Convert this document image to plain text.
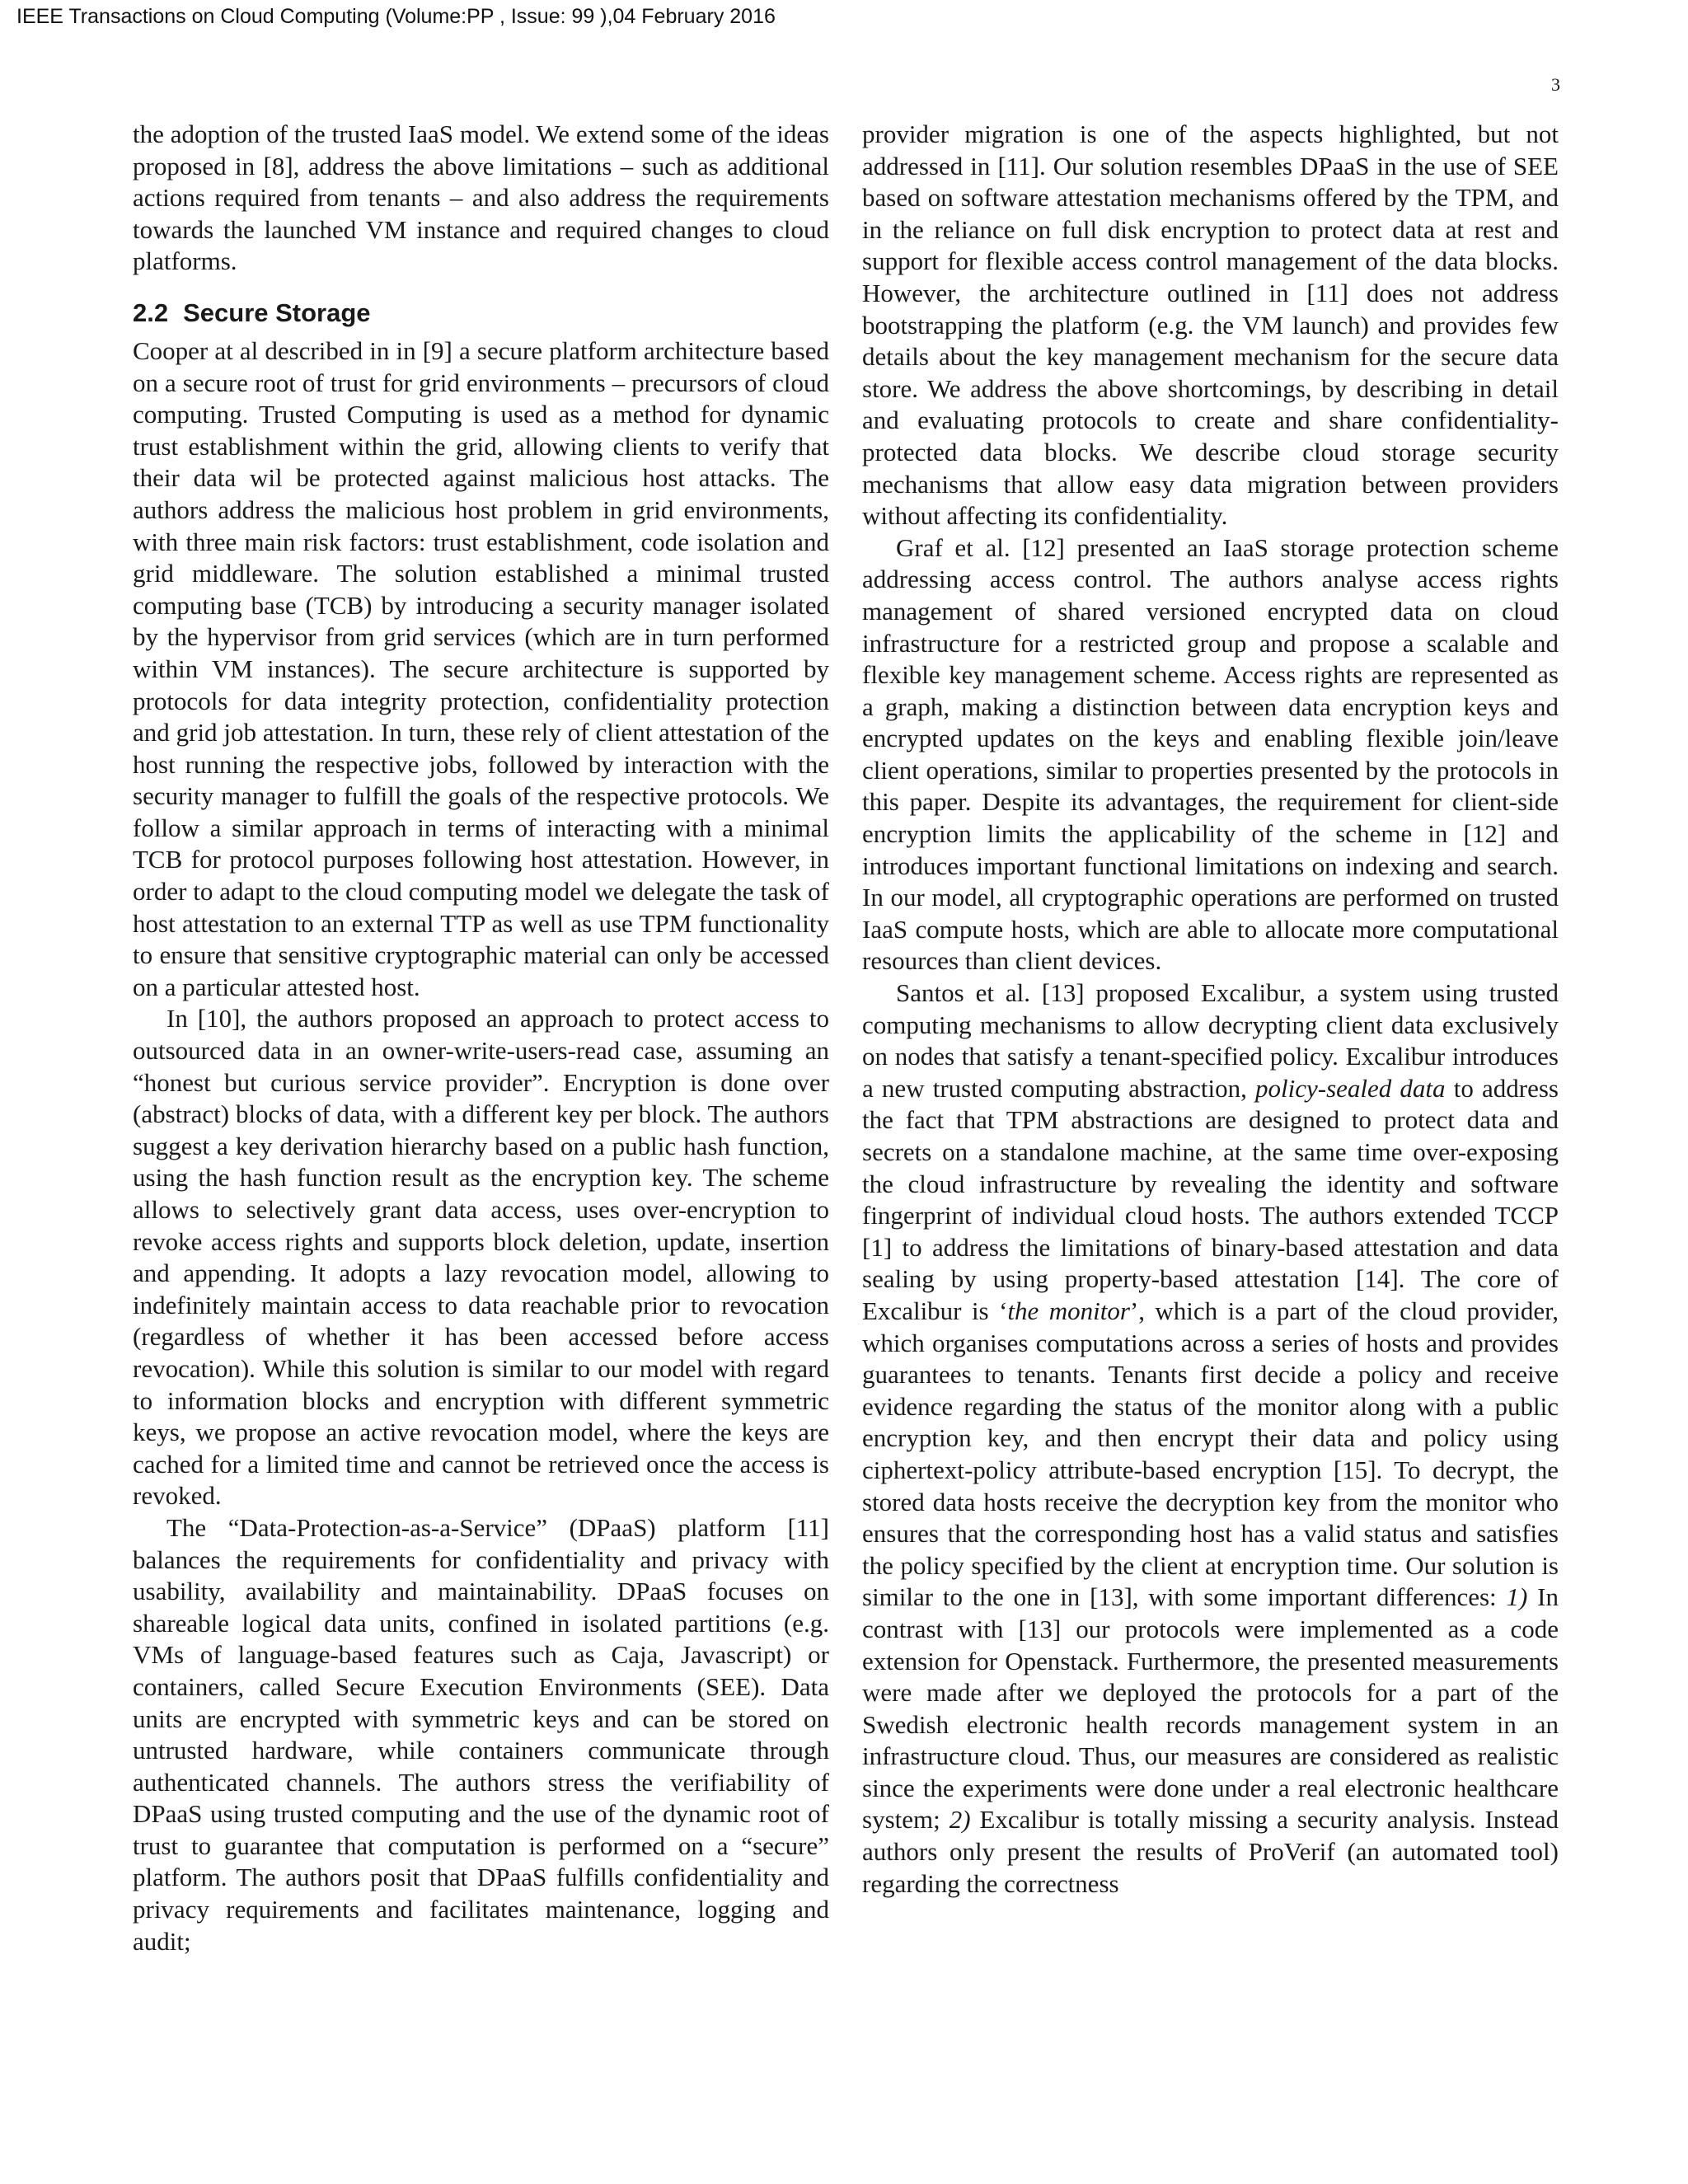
IEEE Transactions on Cloud Computing (Volume:PP , Issue: 99 ),04 February 2016
3

the adoption of the trusted IaaS model. We extend some of the ideas proposed in [8], address the above limitations – such as additional actions required from tenants – and also address the requirements towards the launched VM instance and required changes to cloud platforms.

2.2 Secure Storage

Cooper at al described in in [9] a secure platform architecture based on a secure root of trust for grid environments – precursors of cloud computing. Trusted Computing is used as a method for dynamic trust establishment within the grid, allowing clients to verify that their data wil be protected against malicious host attacks. The authors address the malicious host problem in grid environments, with three main risk factors: trust establishment, code isolation and grid middleware. The solution established a minimal trusted computing base (TCB) by introducing a security manager isolated by the hypervisor from grid services (which are in turn performed within VM instances). The secure architecture is supported by protocols for data integrity protection, confidentiality protection and grid job attestation. In turn, these rely of client attestation of the host running the respective jobs, followed by interaction with the security manager to fulfill the goals of the respective protocols. We follow a similar approach in terms of interacting with a minimal TCB for protocol purposes following host attestation. However, in order to adapt to the cloud computing model we delegate the task of host attestation to an external TTP as well as use TPM functionality to ensure that sensitive cryptographic material can only be accessed on a particular attested host.

In [10], the authors proposed an approach to protect access to outsourced data in an owner-write-users-read case, assuming an “honest but curious service provider”. Encryption is done over (abstract) blocks of data, with a different key per block. The authors suggest a key derivation hierarchy based on a public hash function, using the hash function result as the encryption key. The scheme allows to selectively grant data access, uses over-encryption to revoke access rights and supports block deletion, update, insertion and appending. It adopts a lazy revocation model, allowing to indefinitely maintain access to data reachable prior to revocation (regardless of whether it has been accessed before access revocation). While this solution is similar to our model with regard to information blocks and encryption with different symmetric keys, we propose an active revocation model, where the keys are cached for a limited time and cannot be retrieved once the access is revoked.

The “Data-Protection-as-a-Service” (DPaaS) platform [11] balances the requirements for confidentiality and privacy with usability, availability and maintainability. DPaaS focuses on shareable logical data units, confined in isolated partitions (e.g. VMs of language-based features such as Caja, Javascript) or containers, called Secure Execution Environments (SEE). Data units are encrypted with symmetric keys and can be stored on untrusted hardware, while containers communicate through authenticated channels. The authors stress the verifiability of DPaaS using trusted computing and the use of the dynamic root of trust to guarantee that computation is performed on a “secure” platform. The authors posit that DPaaS fulfills confidentiality and privacy requirements and facilitates maintenance, logging and audit;

provider migration is one of the aspects highlighted, but not addressed in [11]. Our solution resembles DPaaS in the use of SEE based on software attestation mechanisms offered by the TPM, and in the reliance on full disk encryption to protect data at rest and support for flexible access control management of the data blocks. However, the architecture outlined in [11] does not address bootstrapping the platform (e.g. the VM launch) and provides few details about the key management mechanism for the secure data store. We address the above shortcomings, by describing in detail and evaluating protocols to create and share confidentiality-protected data blocks. We describe cloud storage security mechanisms that allow easy data migration between providers without affecting its confidentiality.

Graf et al. [12] presented an IaaS storage protection scheme addressing access control. The authors analyse access rights management of shared versioned encrypted data on cloud infrastructure for a restricted group and propose a scalable and flexible key management scheme. Access rights are represented as a graph, making a distinction between data encryption keys and encrypted updates on the keys and enabling flexible join/leave client operations, similar to properties presented by the protocols in this paper. Despite its advantages, the requirement for client-side encryption limits the applicability of the scheme in [12] and introduces important functional limitations on indexing and search. In our model, all cryptographic operations are performed on trusted IaaS compute hosts, which are able to allocate more computational resources than client devices.

Santos et al. [13] proposed Excalibur, a system using trusted computing mechanisms to allow decrypting client data exclusively on nodes that satisfy a tenant-specified policy. Excalibur introduces a new trusted computing abstraction, policy-sealed data to address the fact that TPM abstractions are designed to protect data and secrets on a standalone machine, at the same time over-exposing the cloud infrastructure by revealing the identity and software fingerprint of individual cloud hosts. The authors extended TCCP [1] to address the limitations of binary-based attestation and data sealing by using property-based attestation [14]. The core of Excalibur is ‘the monitor’, which is a part of the cloud provider, which organises computations across a series of hosts and provides guarantees to tenants. Tenants first decide a policy and receive evidence regarding the status of the monitor along with a public encryption key, and then encrypt their data and policy using ciphertext-policy attribute-based encryption [15]. To decrypt, the stored data hosts receive the decryption key from the monitor who ensures that the corresponding host has a valid status and satisfies the policy specified by the client at encryption time. Our solution is similar to the one in [13], with some important differences: 1) In contrast with [13] our protocols were implemented as a code extension for Openstack. Furthermore, the presented measurements were made after we deployed the protocols for a part of the Swedish electronic health records management system in an infrastructure cloud. Thus, our measures are considered as realistic since the experiments were done under a real electronic healthcare system; 2) Excalibur is totally missing a security analysis. Instead authors only present the results of ProVerif (an automated tool) regarding the correctness
